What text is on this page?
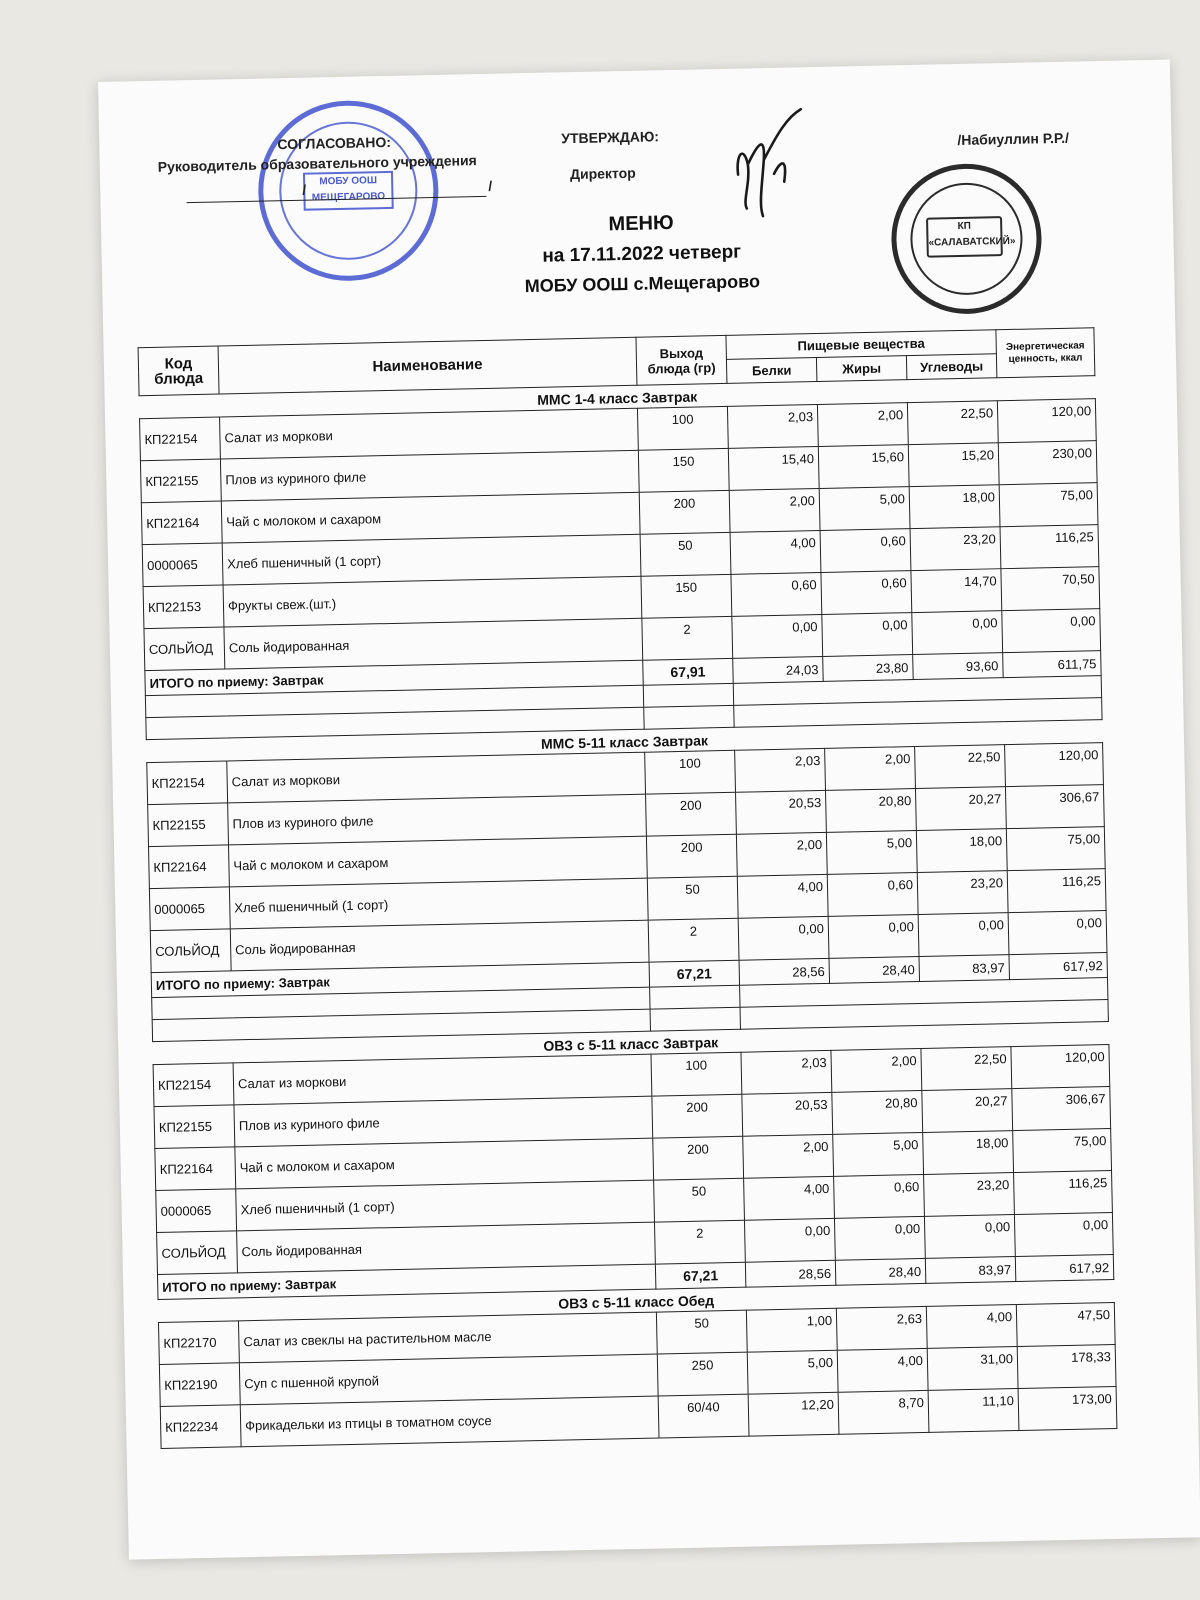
МОБУ ООШ МЕЩЕГАРОВО
СОГЛАСОВАНО:
Руководитель образовательного учреждения
/	/
УТВЕРЖДАЮ:
Директор
/Набиуллин Р.Р./
КП «САЛАВАТСКИЙ»
МЕНЮ
на 17.11.2022 четверг
МОБУ ООШ с.Мещегарово
Код блюда	Наименование	Выход блюда (гр)	Пищевые вещества			Энергетическая ценность, ккал
			Белки	Жиры	Углеводы	
ММС 1-4 класс Завтрак						
КП22154	Салат из моркови	100	2,03	2,00	22,50	120,00
КП22155	Плов из куриного филе	150	15,40	15,60	15,20	230,00
КП22164	Чай с молоком и сахаром	200	2,00	5,00	18,00	75,00
0000065	Хлеб пшеничный (1 сорт)	50	4,00	0,60	23,20	116,25
КП22153	Фрукты свеж.(шт.)	150	0,60	0,60	14,70	70,50
СОЛЬЙОД	Соль йодированная	2	0,00	0,00	0,00	0,00
ИТОГО по приему: Завтрак		67,91	24,03	23,80	93,60	611,75

ММС 5-11 класс Завтрак						
КП22154	Салат из моркови	100	2,03	2,00	22,50	120,00
КП22155	Плов из куриного филе	200	20,53	20,80	20,27	306,67
КП22164	Чай с молоком и сахаром	200	2,00	5,00	18,00	75,00
0000065	Хлеб пшеничный (1 сорт)	50	4,00	0,60	23,20	116,25
СОЛЬЙОД	Соль йодированная	2	0,00	0,00	0,00	0,00
ИТОГО по приему: Завтрак		67,21	28,56	28,40	83,97	617,92

ОВЗ с 5-11 класс Завтрак						
КП22154	Салат из моркови	100	2,03	2,00	22,50	120,00
КП22155	Плов из куриного филе	200	20,53	20,80	20,27	306,67
КП22164	Чай с молоком и сахаром	200	2,00	5,00	18,00	75,00
0000065	Хлеб пшеничный (1 сорт)	50	4,00	0,60	23,20	116,25
СОЛЬЙОД	Соль йодированная	2	0,00	0,00	0,00	0,00
ИТОГО по приему: Завтрак		67,21	28,56	28,40	83,97	617,92
ОВЗ с 5-11 класс Обед						
КП22170	Салат из свеклы на растительном масле	50	1,00	2,63	4,00	47,50
КП22190	Суп с пшенной крупой	250	5,00	4,00	31,00	178,33
КП22234	Фрикадельки из птицы в томатном соусе	60/40	12,20	8,70	11,10	173,00
